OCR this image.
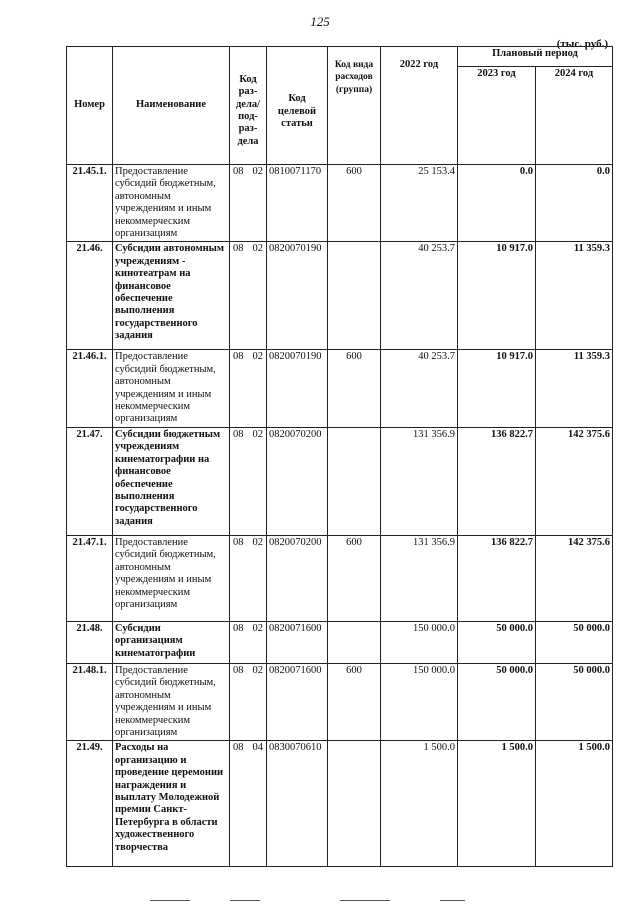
125
(тыс. руб.)
Номер	Наименование	Код раз-дела/ под-раз-дела	Код целевой статьи	Код вида расходов (группа)	2022 год	Плановый период	
						2023 год	2024 год
21.45.1.	Предоставление субсидий бюджетным, автономным учреждениям и иным некоммерческим организациям	08 02	0810071170	600	25 153.4	0.0	0.0
21.46.	Субсидии автономным учреждениям - кинотеатрам на финансовое обеспечение выполнения государственного задания	08 02	0820070190		40 253.7	10 917.0	11 359.3
21.46.1.	Предоставление субсидий бюджетным, автономным учреждениям и иным некоммерческим организациям	08 02	0820070190	600	40 253.7	10 917.0	11 359.3
21.47.	Субсидии бюджетным учреждениям кинематографии на финансовое обеспечение выполнения государственного задания	08 02	0820070200		131 356.9	136 822.7	142 375.6
21.47.1.	Предоставление субсидий бюджетным, автономным учреждениям и иным некоммерческим организациям	08 02	0820070200	600	131 356.9	136 822.7	142 375.6
21.48.	Субсидии организациям кинематографии	08 02	0820071600		150 000.0	50 000.0	50 000.0
21.48.1.	Предоставление субсидий бюджетным, автономным учреждениям и иным некоммерческим организациям	08 02	0820071600	600	150 000.0	50 000.0	50 000.0
21.49.	Расходы на организацию и проведение церемонии награждения и выплату Молодежной премии Санкт-Петербурга в области художественного творчества	08 04	0830070610		1 500.0	1 500.0	1 500.0
